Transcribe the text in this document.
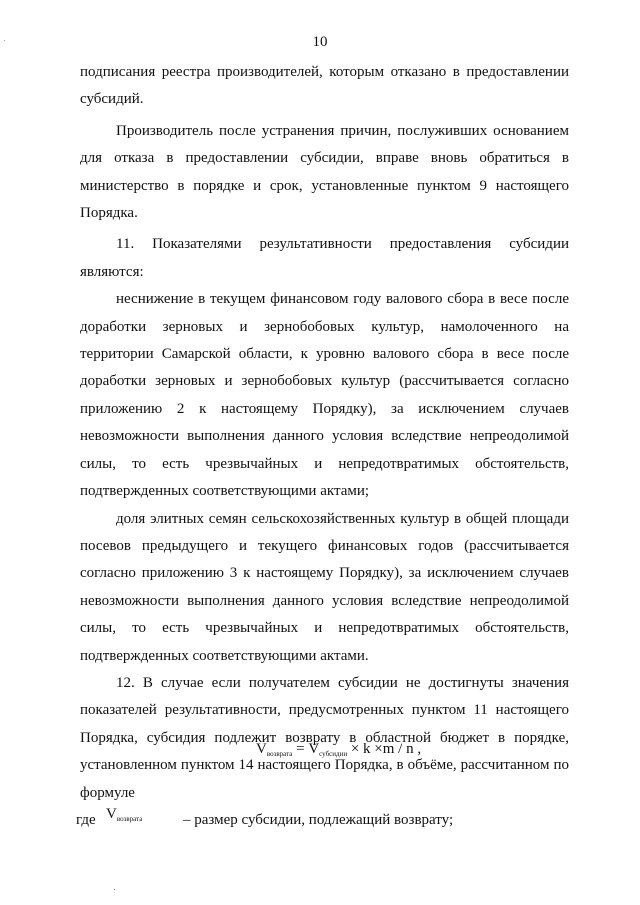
10

подписания реестра производителей, которым отказано в предоставлении субсидий.

Производитель после устранения причин, послуживших основанием для отказа в предоставлении субсидии, вправе вновь обратиться в министерство в порядке и срок, установленные пунктом 9 настоящего Порядка.

11. Показателями результативности предоставления субсидии являются:

неснижение в текущем финансовом году валового сбора в весе после доработки зерновых и зернобобовых культур, намолоченного на территории Самарской области, к уровню валового сбора в весе после доработки зерновых и зернобобовых культур (рассчитывается согласно приложению 2 к настоящему Порядку), за исключением случаев невозможности выполнения данного условия вследствие непреодолимой силы, то есть чрезвычайных и непредотвратимых обстоятельств, подтвержденных соответствующими актами;

доля элитных семян сельскохозяйственных культур в общей площади посевов предыдущего и текущего финансовых годов (рассчитывается согласно приложению 3 к настоящему Порядку), за исключением случаев невозможности выполнения данного условия вследствие непреодолимой силы, то есть чрезвычайных и непредотвратимых обстоятельств, подтвержденных соответствующими актами.

12. В случае если получателем субсидии не достигнуты значения показателей результативности, предусмотренных пунктом 11 настоящего Порядка, субсидия подлежит возврату в областной бюджет в порядке, установленном пунктом 14 настоящего Порядка, в объёме, рассчитанном по формуле

$V_{возврата} = V_{субсидии} \times k \times m / n$ ,
где $V_{возврата}$	– размер субсидии, подлежащий возврату;
